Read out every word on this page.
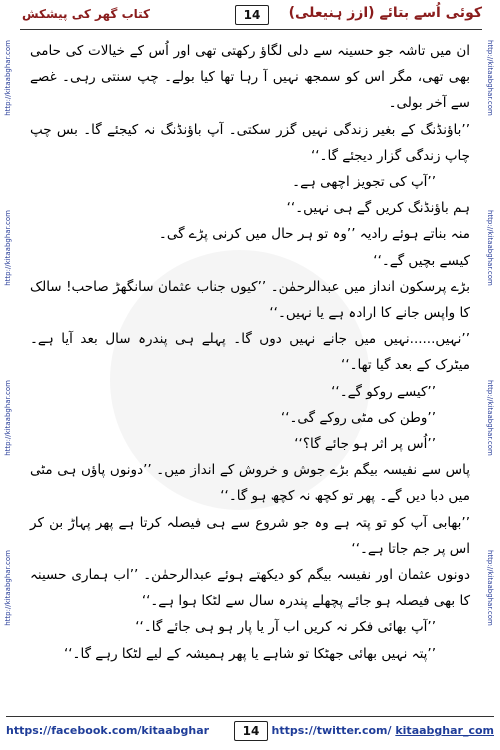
کوئی اُسے بتائے (ازز ہنیعلی)
14
کتاب گھر کی پیشکش
http://kitaabghar.com
http://kitaabghar.com
http://kitaabghar.com
http://kitaabghar.com
http://kitaabghar.com
http://kitaabghar.com
http://kitaabghar.com
http://kitaabghar.com

ان میں تاشہ جو حسینہ سے دلی لگاؤ رکھتی تھی اور اُس کے خیالات کی حامی بھی تھی، مگر اس کو سمجھ نہیں آ رہا تھا کیا بولے۔ چپ سنتی رہی۔ غصے سے آخر بولی۔

’’باؤنڈنگ کے بغیر زندگی نہیں گزر سکتی۔ آپ باؤنڈنگ نہ کیجئے گا۔ بس چپ چاپ زندگی گزار دیجئے گا۔‘‘

’’آپ کی تجویز اچھی ہے۔

ہم باؤنڈنگ کریں گے ہی نہیں۔‘‘

منہ بناتے ہوئے رادیہ ’’وہ تو ہر حال میں کرنی پڑے گی۔

کیسے بچیں گے۔‘‘

بڑے پرسکون انداز میں عبدالرحمٰن۔ ’’کیوں جناب عثمان سانگھڑ صاحب! سالک کا واپس جانے کا ارادہ ہے یا نہیں۔‘‘

’’نہیں......نہیں میں جانے نہیں دوں گا۔ پہلے ہی پندرہ سال بعد آیا ہے۔ میٹرک کے بعد گیا تھا۔‘‘

’’کیسے روکو گے۔‘‘

’’وطن کی مٹی روکے گی۔‘‘

’’اُس پر اثر ہو جائے گا؟‘‘

پاس سے نفیسہ بیگم بڑے جوش و خروش کے انداز میں۔ ’’دونوں پاؤں ہی مٹی میں دبا دیں گے۔ پھر تو کچھ نہ کچھ ہو گا۔‘‘

’’بھابی آپ کو تو پتہ ہے وہ جو شروع سے ہی فیصلہ کرتا ہے پھر پہاڑ بن کر اس پر جم جاتا ہے۔‘‘

دونوں عثمان اور نفیسہ بیگم کو دیکھتے ہوئے عبدالرحمٰن۔ ’’اب ہماری حسینہ کا بھی فیصلہ ہو جائے پچھلے پندرہ سال سے لٹکا ہوا ہے۔‘‘

’’آپ بھائی فکر نہ کریں اب آر یا پار ہو ہی جائے گا۔‘‘

’’پتہ نہیں بھائی جھٹکا تو شاہے یا پھر ہمیشہ کے لیے لٹکا رہے گا۔‘‘

https://facebook.com/kitaabghar	14	https://twitter.com/ kitaabghar_com
